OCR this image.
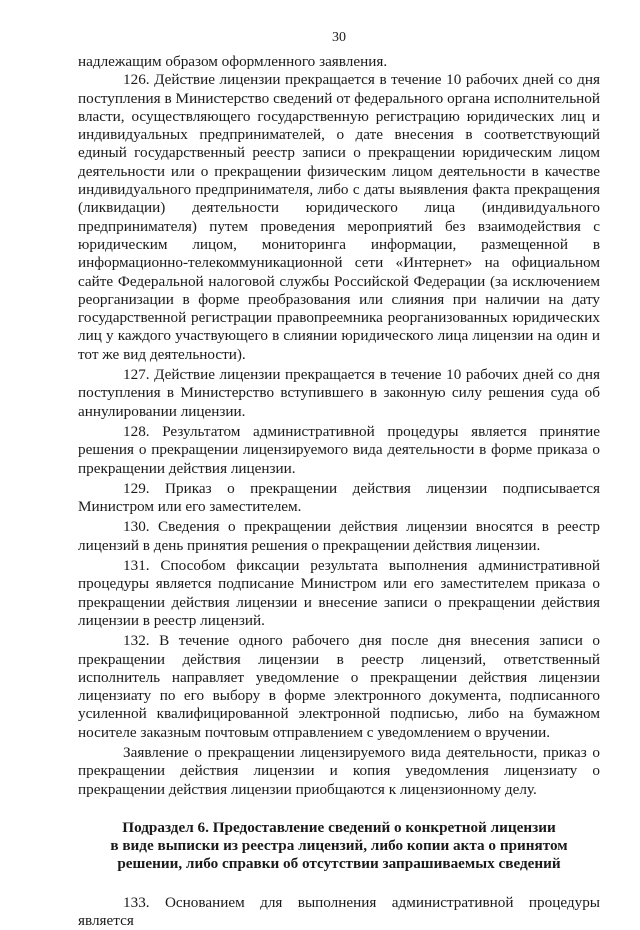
30

надлежащим образом оформленного заявления.

126. Действие лицензии прекращается в течение 10 рабочих дней со дня поступления в Министерство сведений от федерального органа исполнительной власти, осуществляющего государственную регистрацию юридических лиц и индивидуальных предпринимателей, о дате внесения в соответствующий единый государственный реестр записи о прекращении юридическим лицом деятельности или о прекращении физическим лицом деятельности в качестве индивидуального предпринимателя, либо с даты выявления факта прекращения (ликвидации) деятельности юридического лица (индивидуального предпринимателя) путем проведения мероприятий без взаимодействия с юридическим лицом, мониторинга информации, размещенной в информационно-телекоммуникационной сети «Интернет» на официальном сайте Федеральной налоговой службы Российской Федерации (за исключением реорганизации в форме преобразования или слияния при наличии на дату государственной регистрации правопреемника реорганизованных юридических лиц у каждого участвующего в слиянии юридического лица лицензии на один и тот же вид деятельности).

127. Действие лицензии прекращается в течение 10 рабочих дней со дня поступления в Министерство вступившего в законную силу решения суда об аннулировании лицензии.

128. Результатом административной процедуры является принятие решения о прекращении лицензируемого вида деятельности в форме приказа о прекращении действия лицензии.

129. Приказ о прекращении действия лицензии подписывается Министром или его заместителем.

130. Сведения о прекращении действия лицензии вносятся в реестр лицензий в день принятия решения о прекращении действия лицензии.

131. Способом фиксации результата выполнения административной процедуры является подписание Министром или его заместителем приказа о прекращении действия лицензии и внесение записи о прекращении действия лицензии в реестр лицензий.

132. В течение одного рабочего дня после дня внесения записи о прекращении действия лицензии в реестр лицензий, ответственный исполнитель направляет уведомление о прекращении действия лицензии лицензиату по его выбору в форме электронного документа, подписанного усиленной квалифицированной электронной подписью, либо на бумажном носителе заказным почтовым отправлением с уведомлением о вручении.

Заявление о прекращении лицензируемого вида деятельности, приказ о прекращении действия лицензии и копия уведомления лицензиату о прекращении действия лицензии приобщаются к лицензионному делу.

Подраздел 6. Предоставление сведений о конкретной лицензии
в виде выписки из реестра лицензий, либо копии акта о принятом
решении, либо справки об отсутствии запрашиваемых сведений

133. Основанием для выполнения административной процедуры является
